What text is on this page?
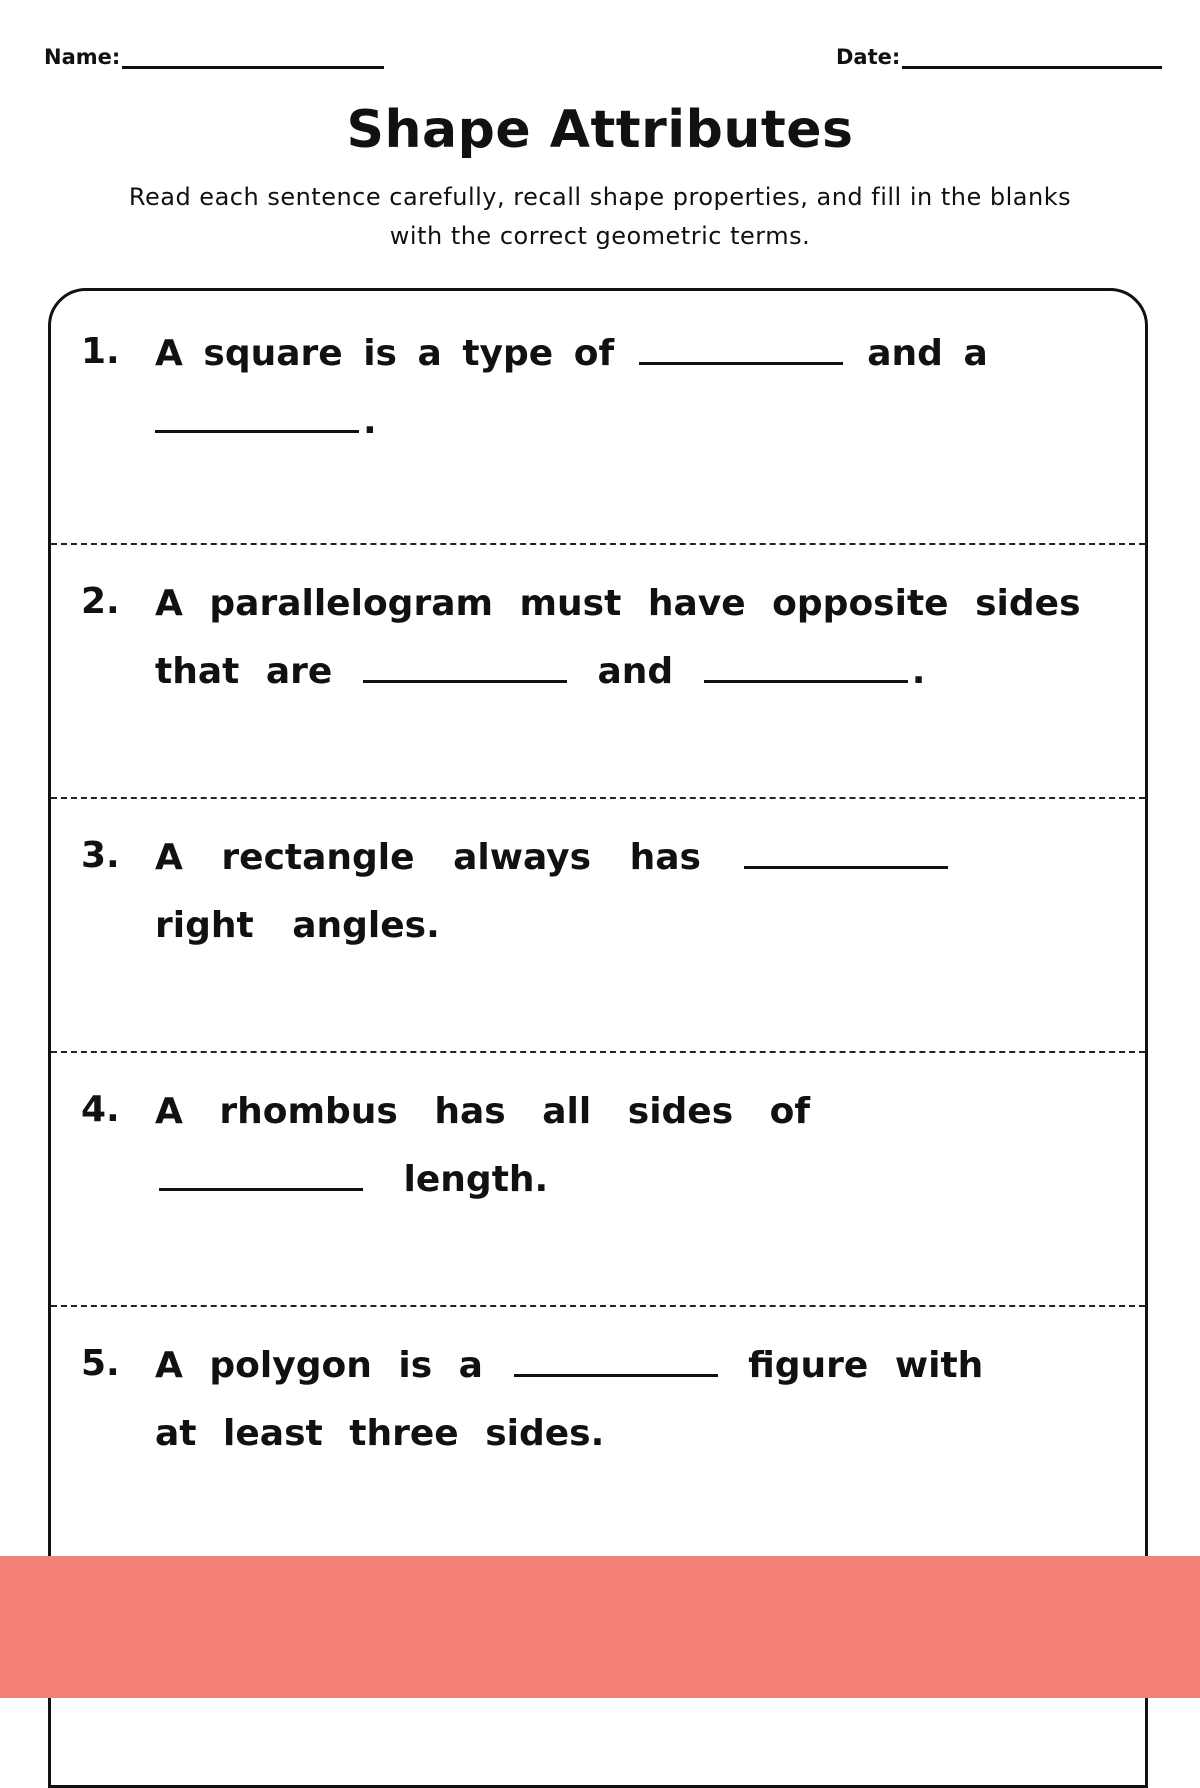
Name:	Date:
Shape Attributes
Read each sentence carefully, recall shape properties, and fill in the blanks with the correct geometric terms.
1. A square is a type of	and a
.
2. A parallelogram must have opposite sides that are	and	.
3. A rectangle always has  right angles.
4. A rhombus has all sides of  length.
5. A polygon is a	figure with at least three sides.
